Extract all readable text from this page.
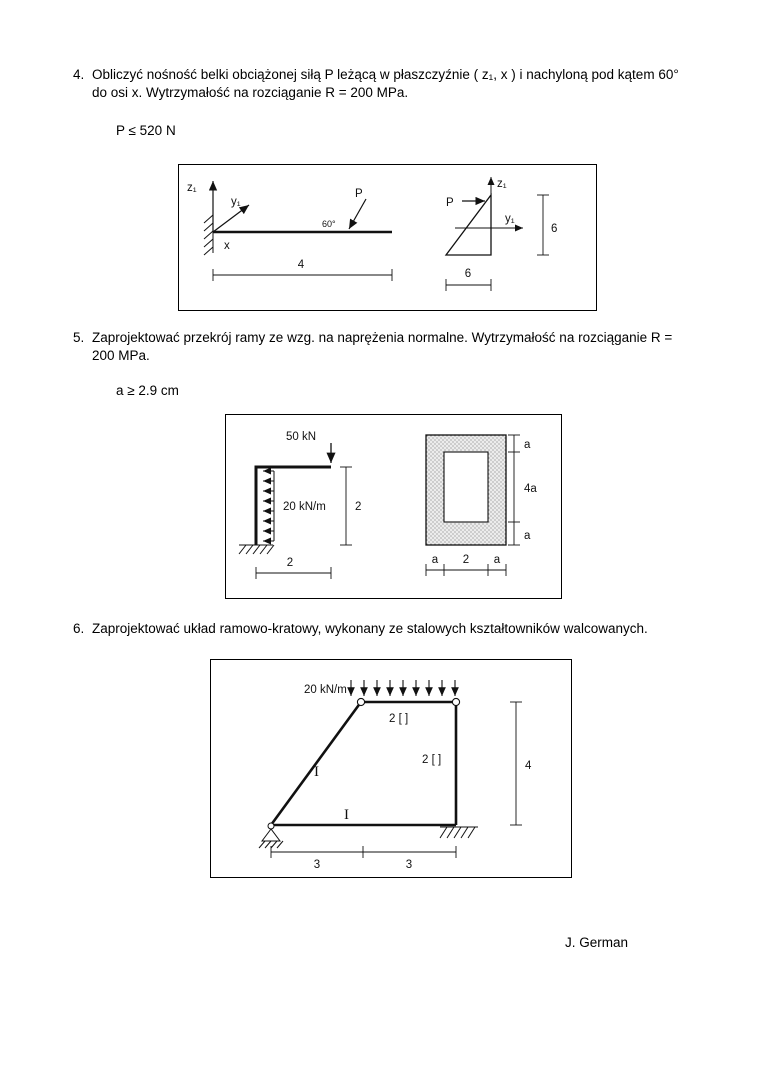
4. Obliczyć nośność belki obciążonej siłą P leżącą w płaszczyźnie ( z₁, x ) i nachyloną pod kątem 60° do osi x. Wytrzymałość na rozciąganie R = 200 MPa.
P ≤ 520 N
z₁
y₁
x
P
60°
4
z₁
P
y₁
6
6
5. Zaprojektować przekrój ramy ze wzg. na naprężenia normalne. Wytrzymałość na rozciąganie R = 200 MPa.
a ≥ 2.9 cm
50 kN
20 kN/m	2
2
a
4a
a
a 2 a
6. Zaprojektować układ ramowo-kratowy, wykonany ze stalowych kształtowników walcowanych.
20 kN/m
2 [ ]
2 [ ]
I
I
3	3
4
J. German
